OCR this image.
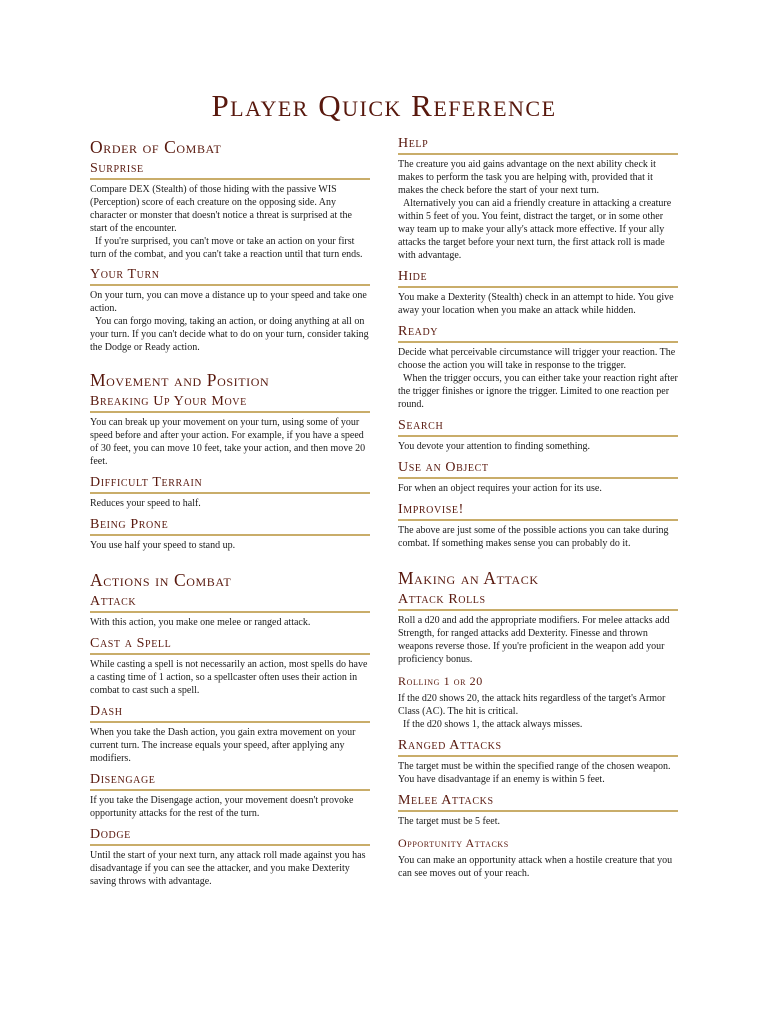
Player Quick Reference
Order of Combat
Surprise

Compare DEX (Stealth) of those hiding with the passive WIS (Perception) score of each creature on the opposing side. Any character or monster that doesn't notice a threat is surprised at the start of the encounter.

If you're surprised, you can't move or take an action on your first turn of the combat, and you can't take a reaction until that turn ends.

Your Turn

On your turn, you can move a distance up to your speed and take one action.

You can forgo moving, taking an action, or doing anything at all on your turn. If you can't decide what to do on your turn, consider taking the Dodge or Ready action.

Movement and Position
Breaking Up Your Move

You can break up your movement on your turn, using some of your speed before and after your action. For example, if you have a speed of 30 feet, you can move 10 feet, take your action, and then move 20 feet.

Difficult Terrain

Reduces your speed to half.

Being Prone

You use half your speed to stand up.

Actions in Combat
Attack

With this action, you make one melee or ranged attack.

Cast a Spell

While casting a spell is not necessarily an action, most spells do have a casting time of 1 action, so a spellcaster often uses their action in combat to cast such a spell.

Dash

When you take the Dash action, you gain extra movement on your current turn. The increase equals your speed, after applying any modifiers.

Disengage

If you take the Disengage action, your movement doesn't provoke opportunity attacks for the rest of the turn.

Dodge

Until the start of your next turn, any attack roll made against you has disadvantage if you can see the attacker, and you make Dexterity saving throws with advantage.

Help

The creature you aid gains advantage on the next ability check it makes to perform the task you are helping with, provided that it makes the check before the start of your next turn.

Alternatively you can aid a friendly creature in attacking a creature within 5 feet of you. You feint, distract the target, or in some other way team up to make your ally's attack more effective. If your ally attacks the target before your next turn, the first attack roll is made with advantage.

Hide

You make a Dexterity (Stealth) check in an attempt to hide. You give away your location when you make an attack while hidden.

Ready

Decide what perceivable circumstance will trigger your reaction. The choose the action you will take in response to the trigger.

When the trigger occurs, you can either take your reaction right after the trigger finishes or ignore the trigger. Limited to one reaction per round.

Search

You devote your attention to finding something.

Use an Object

For when an object requires your action for its use.

Improvise!

The above are just some of the possible actions you can take during combat. If something makes sense you can probably do it.

Making an Attack
Attack Rolls

Roll a d20 and add the appropriate modifiers. For melee attacks add Strength, for ranged attacks add Dexterity. Finesse and thrown weapons reverse those. If you're proficient in the weapon add your proficiency bonus.

Rolling 1 or 20

If the d20 shows 20, the attack hits regardless of the target's Armor Class (AC). The hit is critical.

If the d20 shows 1, the attack always misses.

Ranged Attacks

The target must be within the specified range of the chosen weapon. You have disadvantage if an enemy is within 5 feet.

Melee Attacks

The target must be 5 feet.

Opportunity Attacks

You can make an opportunity attack when a hostile creature that you can see moves out of your reach.
